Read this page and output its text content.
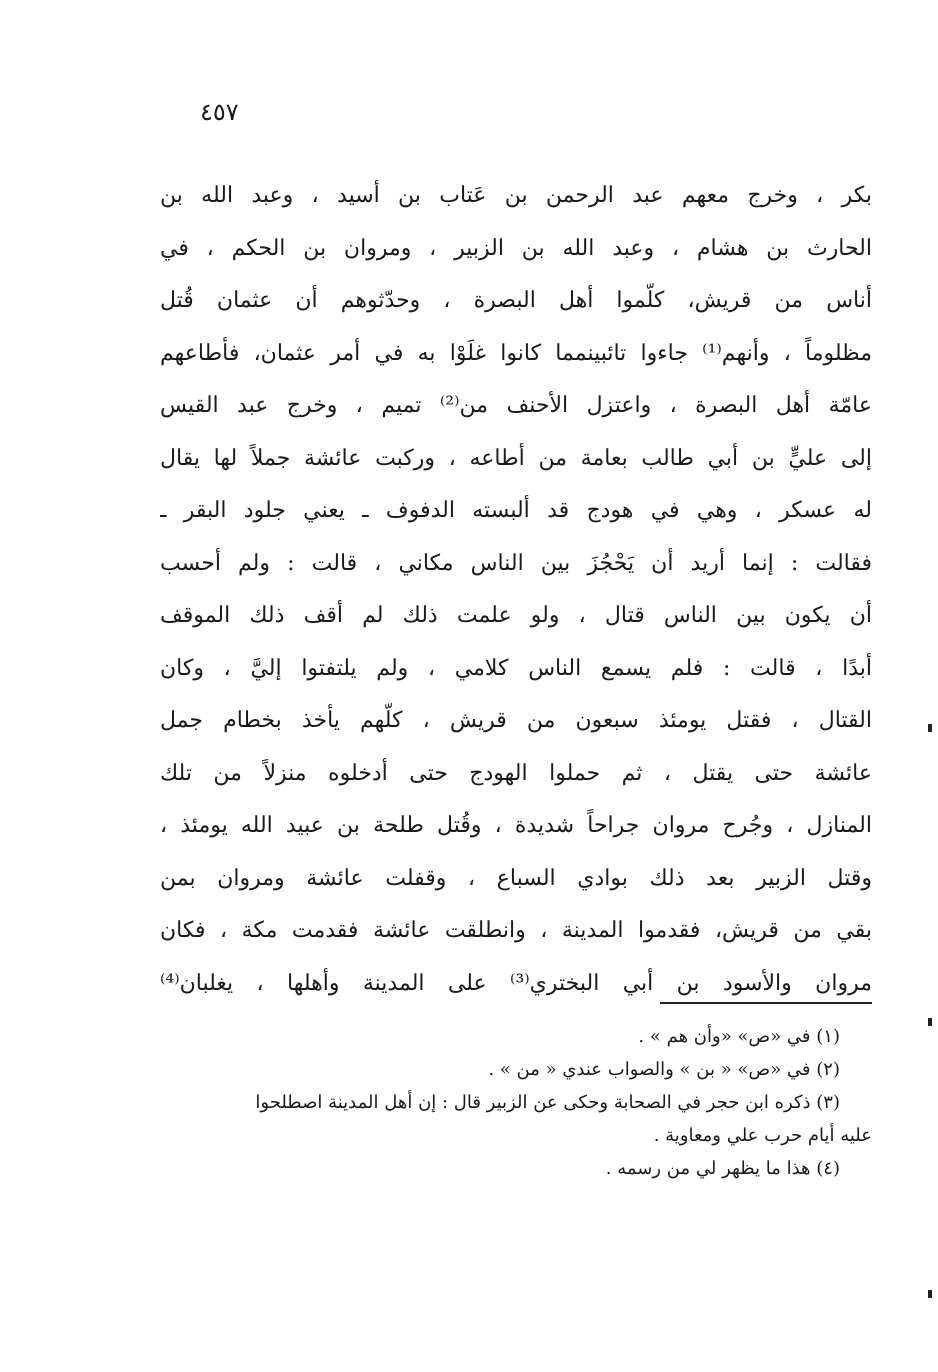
٤٥٧
بكر ، وخرج معهم عبد الرحمن بن عَتاب بن أسيد ، وعبد الله بن
الحارث بن هشام ، وعبد الله بن الزبير ، ومروان بن الحكم ، في
أناس من قريش، كلّموا أهل البصرة ، وحدّثوهم أن عثمان قُتل
مظلوماً ، وأنهم⁽¹⁾ جاءوا تائبينمما كانوا غلَوْا به في أمر عثمان، فأطاعهم
عامّة أهل البصرة ، واعتزل الأحنف من⁽²⁾ تميم ، وخرج عبد القيس
إلى عليٍّ بن أبي طالب بعامة من أطاعه ، وركبت عائشة جملاً لها يقال
له عسكر ، وهي في هودج قد ألبسته الدفوف ـ يعني جلود البقر ـ
فقالت : إنما أريد أن يَحْجُزَ بين الناس مكاني ، قالت : ولم أحسب
أن يكون بين الناس قتال ، ولو علمت ذلك لم أقف ذلك الموقف
أبدًا ، قالت : فلم يسمع الناس كلامي ، ولم يلتفتوا إليَّ ، وكان
القتال ، فقتل يومئذ سبعون من قريش ، كلّهم يأخذ بخطام جمل
عائشة حتى يقتل ، ثم حملوا الهودج حتى أدخلوه منزلاً من تلك
المنازل ، وجُرح مروان جراحاً شديدة ، وقُتل طلحة بن عبيد الله يومئذ ،
وقتل الزبير بعد ذلك بوادي السباع ، وقفلت عائشة ومروان بمن
بقي من قريش، فقدموا المدينة ، وانطلقت عائشة فقدمت مكة ، فكان
مروان والأسود بن أبي البختري⁽³⁾ على المدينة وأهلها ، يغلبان⁽⁴⁾
(١) في «ص» «وأن هم » .
(٢) في «ص» « بن » والصواب عندي « من » .
(٣) ذكره ابن حجر في الصحابة وحكى عن الزبير قال : إن أهل المدينة اصطلحوا
عليه أيام حرب علي ومعاوية .
(٤) هذا ما يظهر لي من رسمه .
